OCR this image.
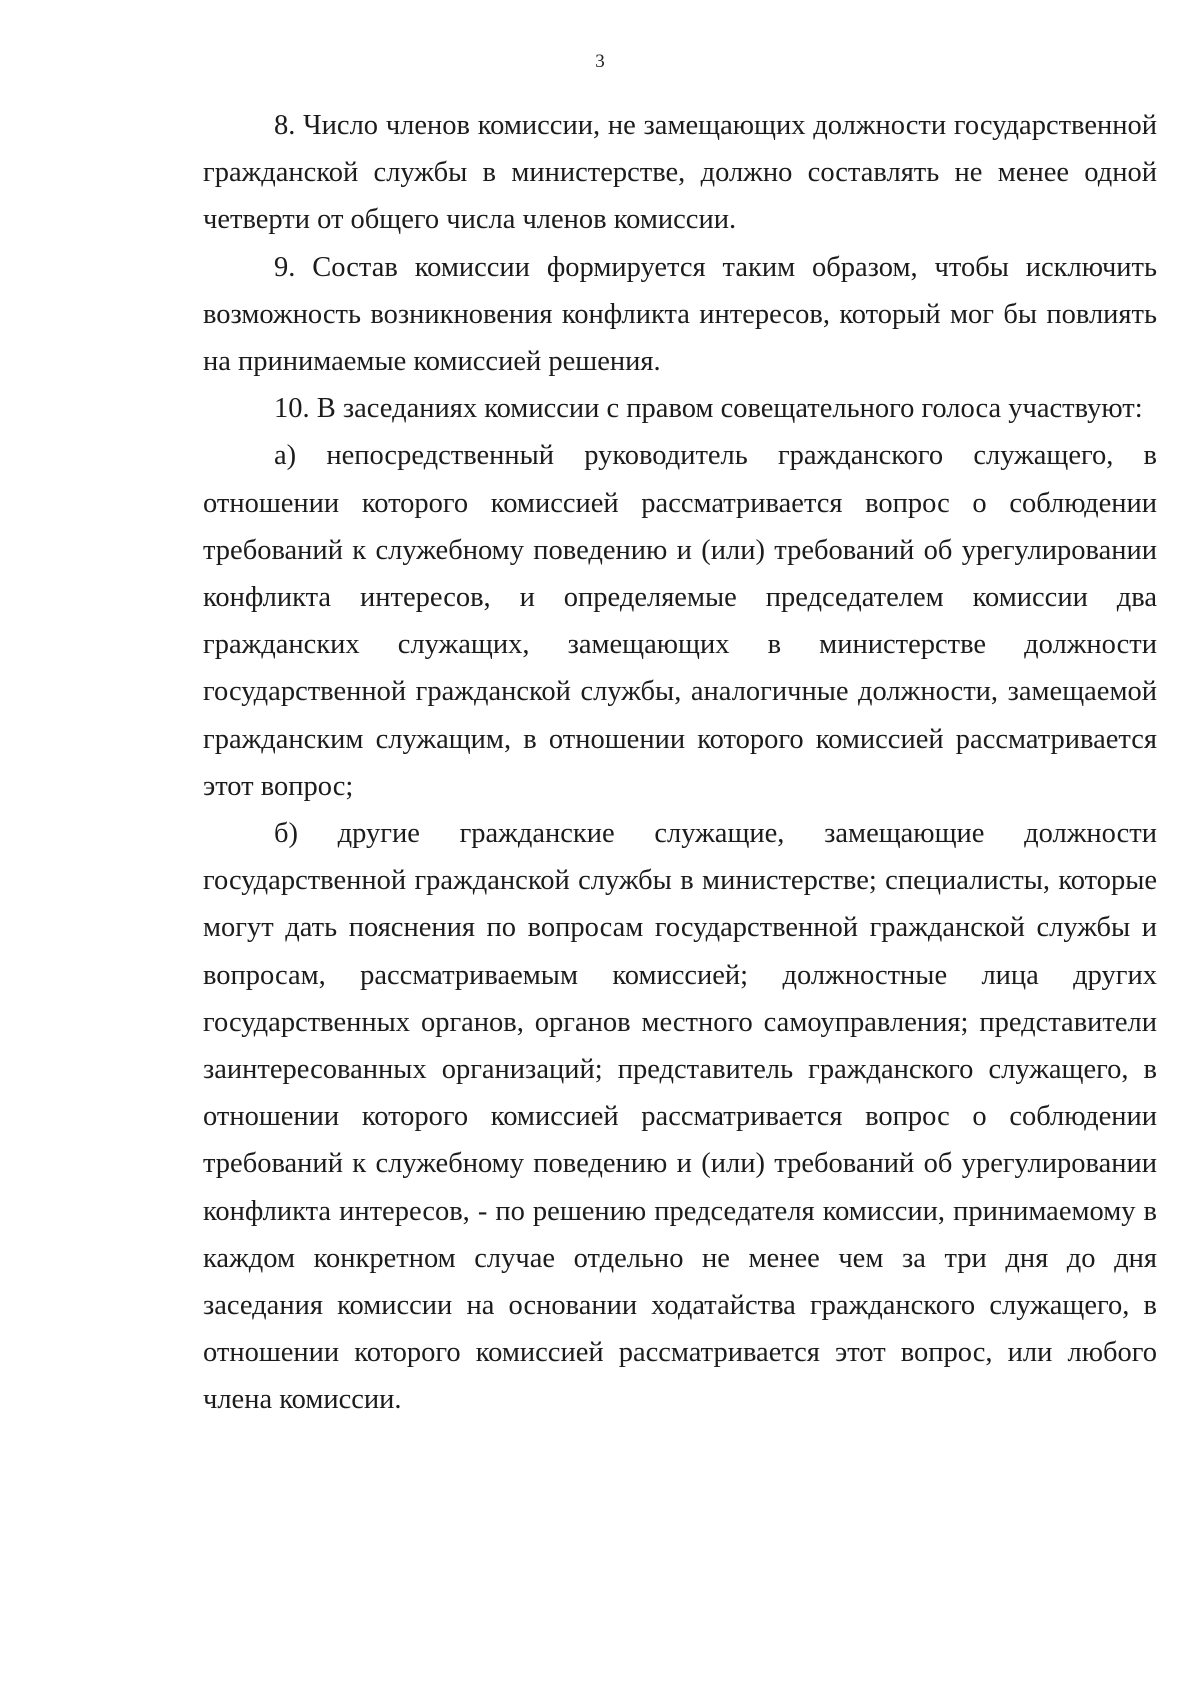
3

8. Число членов комиссии, не замещающих должности государственной гражданской службы в министерстве, должно составлять не менее одной четверти от общего числа членов комиссии.

9. Состав комиссии формируется таким образом, чтобы исключить возможность возникновения конфликта интересов, который мог бы повлиять на принимаемые комиссией решения.

10. В заседаниях комиссии с правом совещательного голоса участвуют:

а) непосредственный руководитель гражданского служащего, в отношении которого комиссией рассматривается вопрос о соблюдении требований к служебному поведению и (или) требований об урегулировании конфликта интересов, и определяемые председателем комиссии два гражданских служащих, замещающих в министерстве должности государственной гражданской службы, аналогичные должности, замещаемой гражданским служащим, в отношении которого комиссией рассматривается этот вопрос;

б) другие гражданские служащие, замещающие должности государственной гражданской службы в министерстве; специалисты, которые могут дать пояснения по вопросам государственной гражданской службы и вопросам, рассматриваемым комиссией; должностные лица других государственных органов, органов местного самоуправления; представители заинтересованных организаций; представитель гражданского служащего, в отношении которого комиссией рассматривается вопрос о соблюдении требований к служебному поведению и (или) требований об урегулировании конфликта интересов, - по решению председателя комиссии, принимаемому в каждом конкретном случае отдельно не менее чем за три дня до дня заседания комиссии на основании ходатайства гражданского служащего, в отношении которого комиссией рассматривается этот вопрос, или любого члена комиссии.
